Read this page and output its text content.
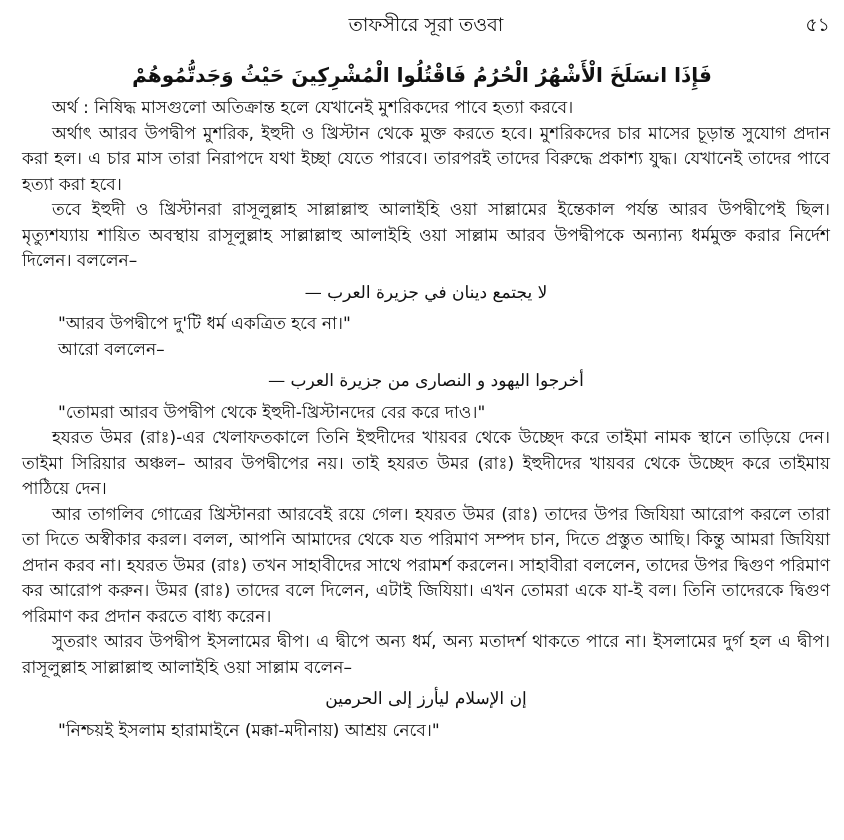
তাফসীরে সূরা তওবা	৫১
فَإِذَا انسَلَخَ الْأَشْهُرُ الْحُرُمُ فَاقْتُلُوا الْمُشْرِكِينَ حَيْثُ وَجَدتُّمُوهُمْ

অর্থ : নিষিদ্ধ মাসগুলো অতিক্রান্ত হলে যেখানেই মুশরিকদের পাবে হত্যা করবে।

অর্থাৎ আরব উপদ্বীপ মুশরিক, ইহুদী ও খ্রিস্টান থেকে মুক্ত করতে হবে। মুশরিকদের চার মাসের চূড়ান্ত সুযোগ প্রদান করা হল। এ চার মাস তারা নিরাপদে যথা ইচ্ছা যেতে পারবে। তারপরই তাদের বিরুদ্ধে প্রকাশ্য যুদ্ধ। যেখানেই তাদের পাবে হত্যা করা হবে।

তবে ইহুদী ও খ্রিস্টানরা রাসূলুল্লাহ সাল্লাল্লাহু আলাইহি ওয়া সাল্লামের ইন্তেকাল পর্যন্ত আরব উপদ্বীপেই ছিল। মৃত্যুশয্যায় শায়িত অবস্থায় রাসূলুল্লাহ সাল্লাল্লাহু আলাইহি ওয়া সাল্লাম আরব উপদ্বীপকে অন্যান্য ধর্মমুক্ত করার নির্দেশ দিলেন। বললেন–

لا يجتمع دينان في جزيرة العرب —

"আরব উপদ্বীপে দু'টি ধর্ম একত্রিত হবে না।"

আরো বললেন–

أخرجوا اليهود و النصارى من جزيرة العرب —

"তোমরা আরব উপদ্বীপ থেকে ইহুদী-খ্রিস্টানদের বের করে দাও।"

হযরত উমর (রাঃ)-এর খেলাফতকালে তিনি ইহুদীদের খায়বর থেকে উচ্ছেদ করে তাইমা নামক স্থানে তাড়িয়ে দেন। তাইমা সিরিয়ার অঞ্চল– আরব উপদ্বীপের নয়। তাই হযরত উমর (রাঃ) ইহুদীদের খায়বর থেকে উচ্ছেদ করে তাইমায় পাঠিয়ে দেন।

আর তাগলিব গোত্রের খ্রিস্টানরা আরবেই রয়ে গেল। হযরত উমর (রাঃ) তাদের উপর জিযিয়া আরোপ করলে তারা তা দিতে অস্বীকার করল। বলল, আপনি আমাদের থেকে যত পরিমাণ সম্পদ চান, দিতে প্রস্তুত আছি। কিন্তু আমরা জিযিয়া প্রদান করব না। হযরত উমর (রাঃ) তখন সাহাবীদের সাথে পরামর্শ করলেন। সাহাবীরা বললেন, তাদের উপর দ্বিগুণ পরিমাণ কর আরোপ করুন। উমর (রাঃ) তাদের বলে দিলেন, এটাই জিযিয়া। এখন তোমরা একে যা-ই বল। তিনি তাদেরকে দ্বিগুণ পরিমাণ কর প্রদান করতে বাধ্য করেন।

সুতরাং আরব উপদ্বীপ ইসলামের দ্বীপ। এ দ্বীপে অন্য ধর্ম, অন্য মতাদর্শ থাকতে পারে না। ইসলামের দুর্গ হল এ দ্বীপ। রাসূলুল্লাহ সাল্লাল্লাহু আলাইহি ওয়া সাল্লাম বলেন–

إن الإسلام ليأرز إلى الحرمين

"নিশ্চয়ই ইসলাম হারামাইনে (মক্কা-মদীনায়) আশ্রয় নেবে।"
